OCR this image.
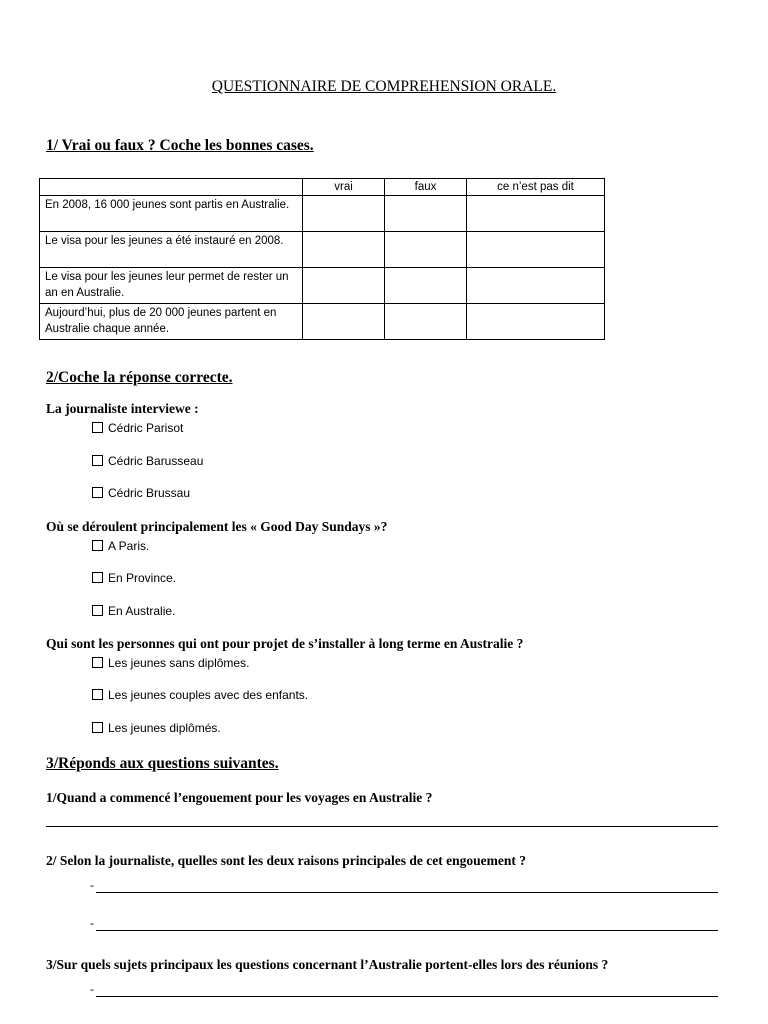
QUESTIONNAIRE DE COMPREHENSION ORALE.
1/ Vrai ou faux ? Coche les bonnes cases.
	vrai	faux	ce n’est pas dit
En 2008, 16 000 jeunes sont partis en Australie.			
Le visa pour les jeunes a été instauré en 2008.			
Le visa pour les jeunes leur permet de rester un an en Australie.			
Aujourd’hui, plus de 20 000 jeunes partent en Australie chaque année.			
2/Coche la réponse correcte.
La journaliste interviewe :
Cédric Parisot
Cédric Barusseau
Cédric Brussau
Où se déroulent principalement les « Good Day Sundays »?
A Paris.
En Province.
En Australie.
Qui sont les personnes qui ont pour projet de s’installer à long terme en Australie ?
Les jeunes sans diplômes.
Les jeunes couples avec des enfants.
Les jeunes diplômés.
3/Réponds aux questions suivantes.
1/Quand a commencé l’engouement pour les voyages en Australie ?
2/ Selon la journaliste, quelles sont les deux raisons principales de cet engouement ?
-
-
3/Sur quels sujets principaux les questions concernant l’Australie portent-elles lors des réunions ?
-
